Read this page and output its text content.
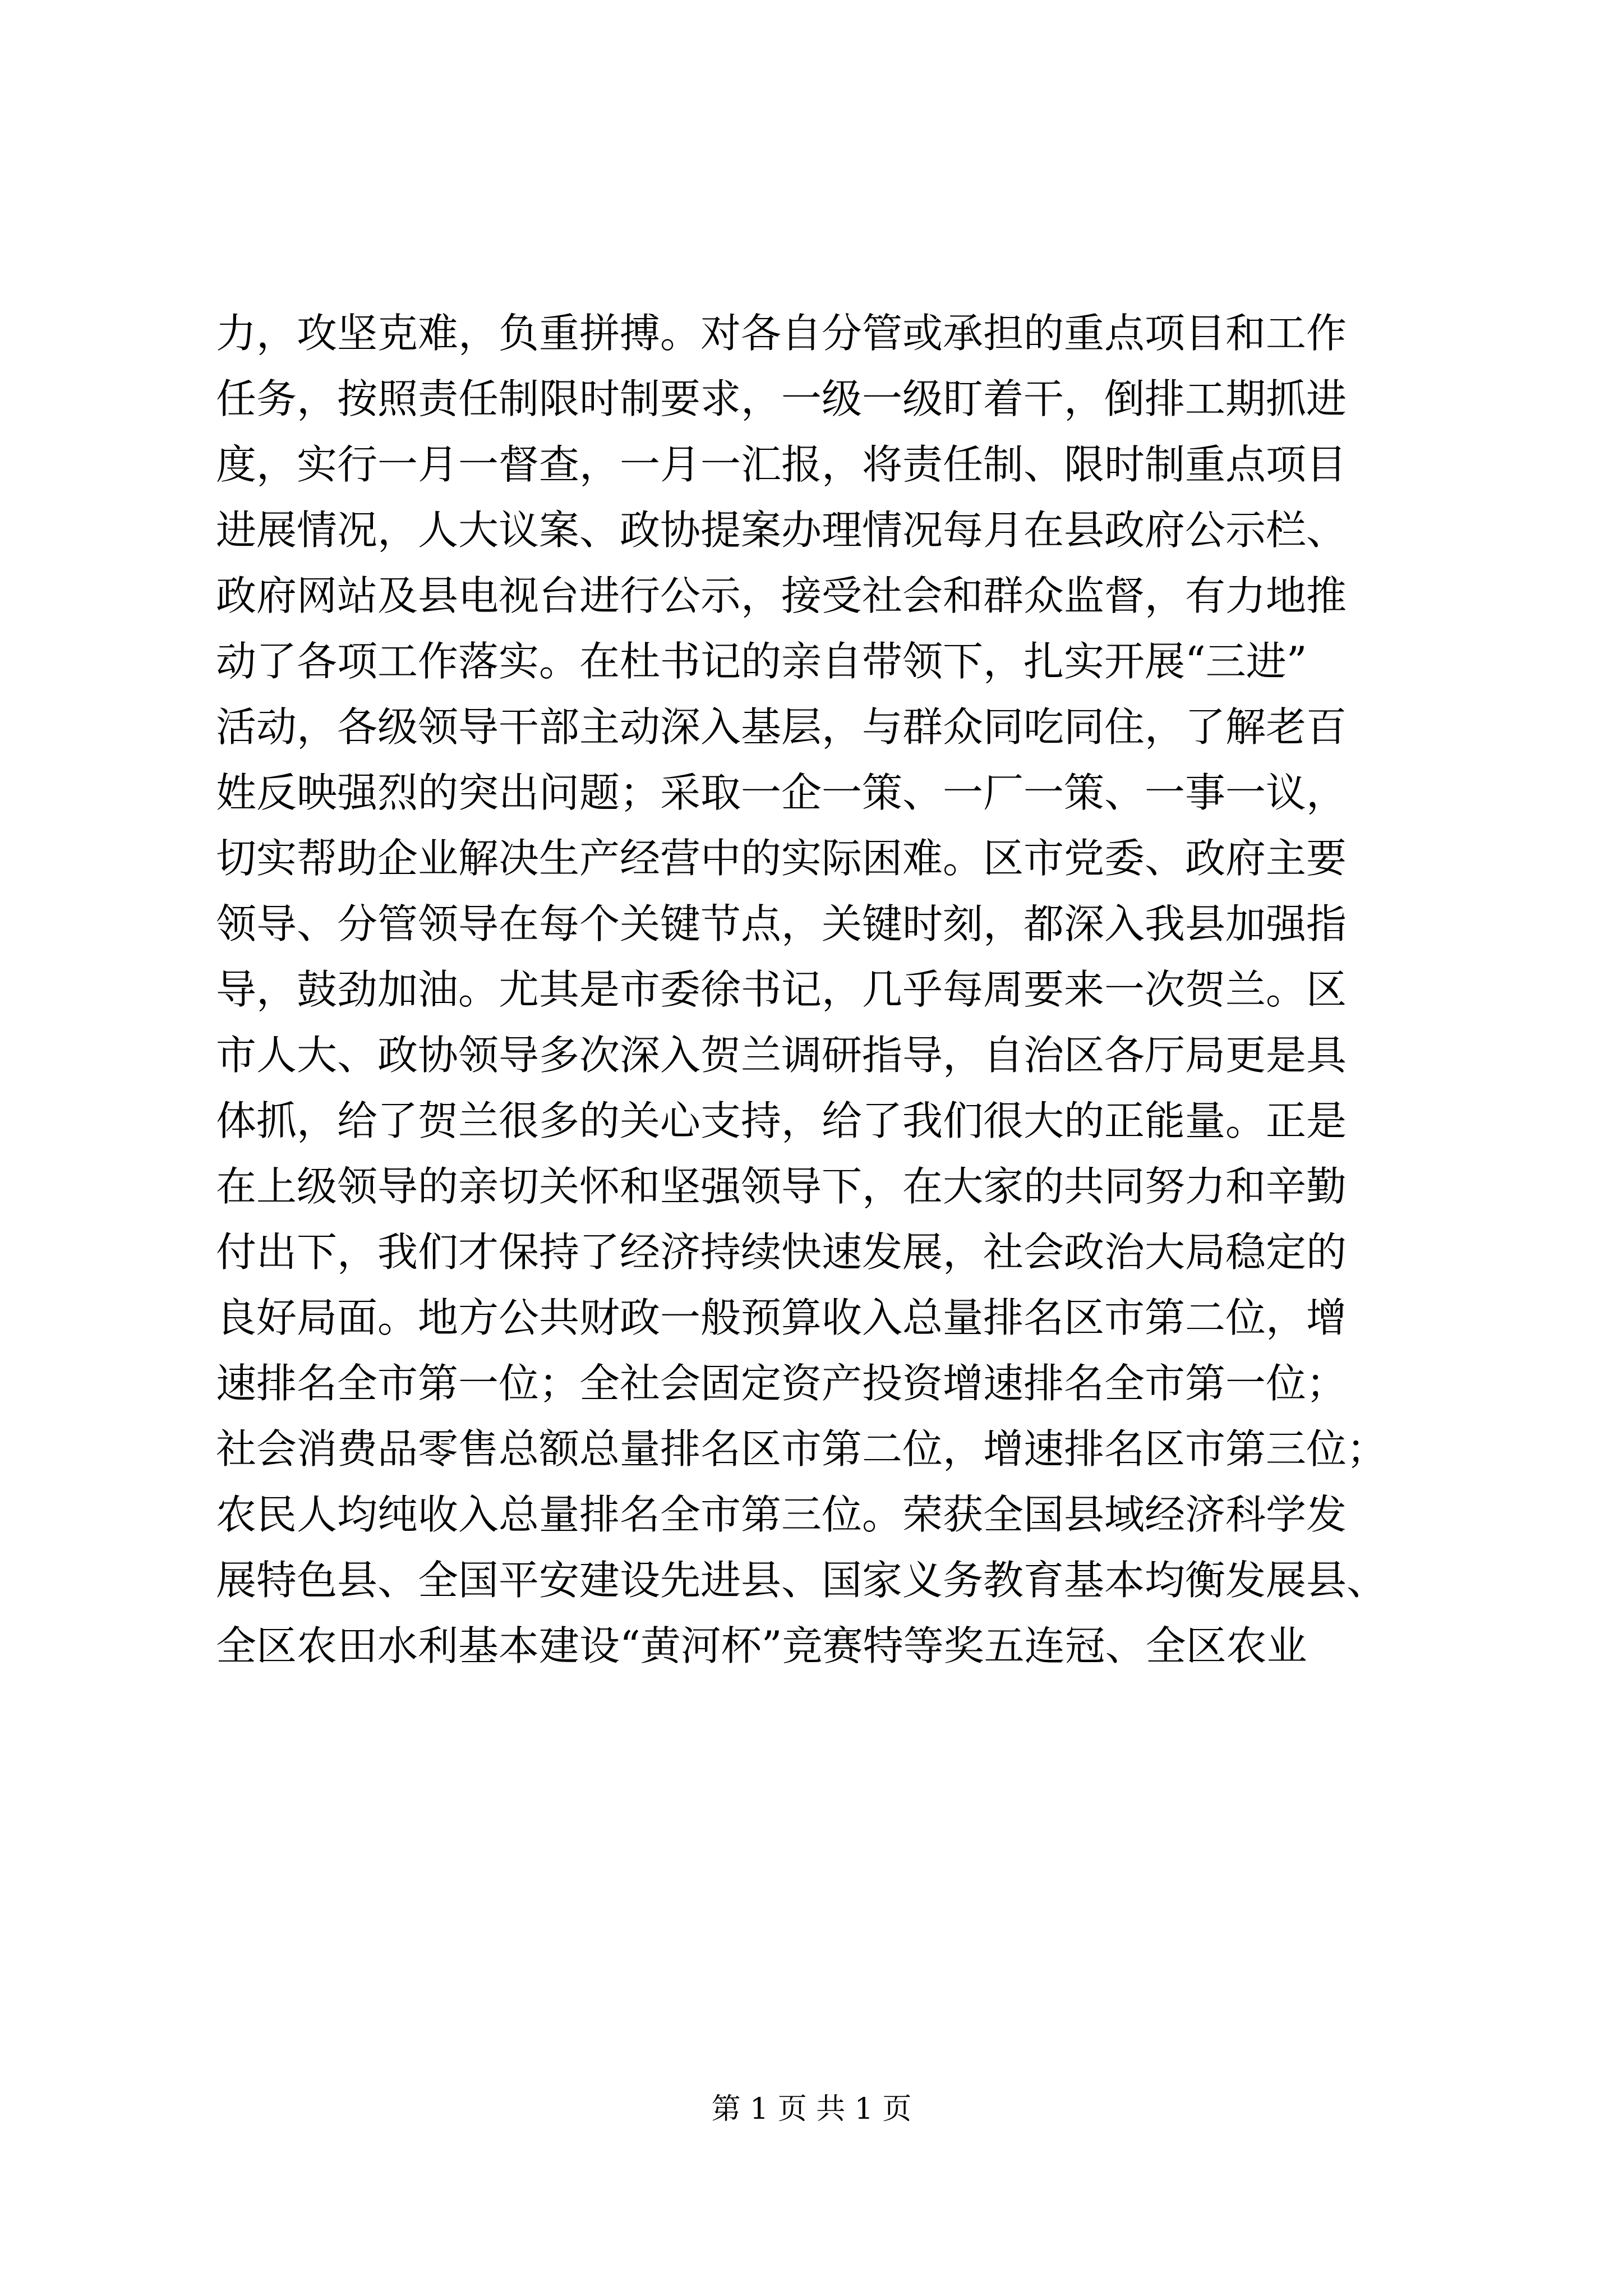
力，攻坚克难，负重拼搏。对各自分管或承担的重点项目和工作
任务，按照责任制限时制要求，一级一级盯着干，倒排工期抓进
度，实行一月一督查，一月一汇报，将责任制、限时制重点项目
进展情况，人大议案、政协提案办理情况每月在县政府公示栏、
政府网站及县电视台进行公示，接受社会和群众监督，有力地推
动了各项工作落实。在杜书记的亲自带领下，扎实开展“三进”
活动，各级领导干部主动深入基层，与群众同吃同住，了解老百
姓反映强烈的突出问题；采取一企一策、一厂一策、一事一议，
切实帮助企业解决生产经营中的实际困难。区市党委、政府主要
领导、分管领导在每个关键节点，关键时刻，都深入我县加强指
导，鼓劲加油。尤其是市委徐书记，几乎每周要来一次贺兰。区
市人大、政协领导多次深入贺兰调研指导，自治区各厅局更是具
体抓，给了贺兰很多的关心支持，给了我们很大的正能量。正是
在上级领导的亲切关怀和坚强领导下，在大家的共同努力和辛勤
付出下，我们才保持了经济持续快速发展，社会政治大局稳定的
良好局面。地方公共财政一般预算收入总量排名区市第二位，增
速排名全市第一位；全社会固定资产投资增速排名全市第一位；
社会消费品零售总额总量排名区市第二位，增速排名区市第三位；
农民人均纯收入总量排名全市第三位。荣获全国县域经济科学发
展特色县、全国平安建设先进县、国家义务教育基本均衡发展县、
全区农田水利基本建设“黄河杯”竞赛特等奖五连冠、全区农业
第 1 页 共 1 页
